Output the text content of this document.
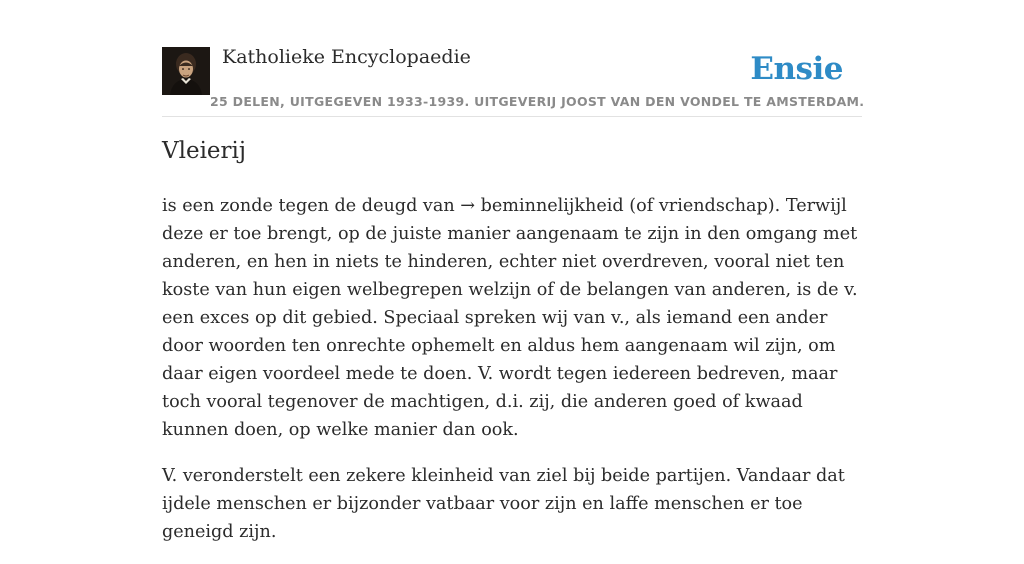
Katholieke Encyclopaedie

25 DELEN, UITGEGEVEN 1933-1939. UITGEVERIJ JOOST VAN DEN VONDEL TE AMSTERDAM.

Ensie
Vleierij

is een zonde tegen de deugd van → beminnelijkheid (of vriendschap). Terwijl deze er toe brengt, op de juiste manier aangenaam te zijn in den omgang met anderen, en hen in niets te hinderen, echter niet overdreven, vooral niet ten koste van hun eigen welbegrepen welzijn of de belangen van anderen, is de v. een exces op dit gebied. Speciaal spreken wij van v., als iemand een ander door woorden ten onrechte ophemelt en aldus hem aangenaam wil zijn, om daar eigen voordeel mede te doen. V. wordt tegen iedereen bedreven, maar toch vooral tegenover de machtigen, d.i. zij, die anderen goed of kwaad kunnen doen, op welke manier dan ook.

V. veronderstelt een zekere kleinheid van ziel bij beide partijen. Vandaar dat ijdele menschen er bijzonder vatbaar voor zijn en laffe menschen er toe geneigd zijn.
